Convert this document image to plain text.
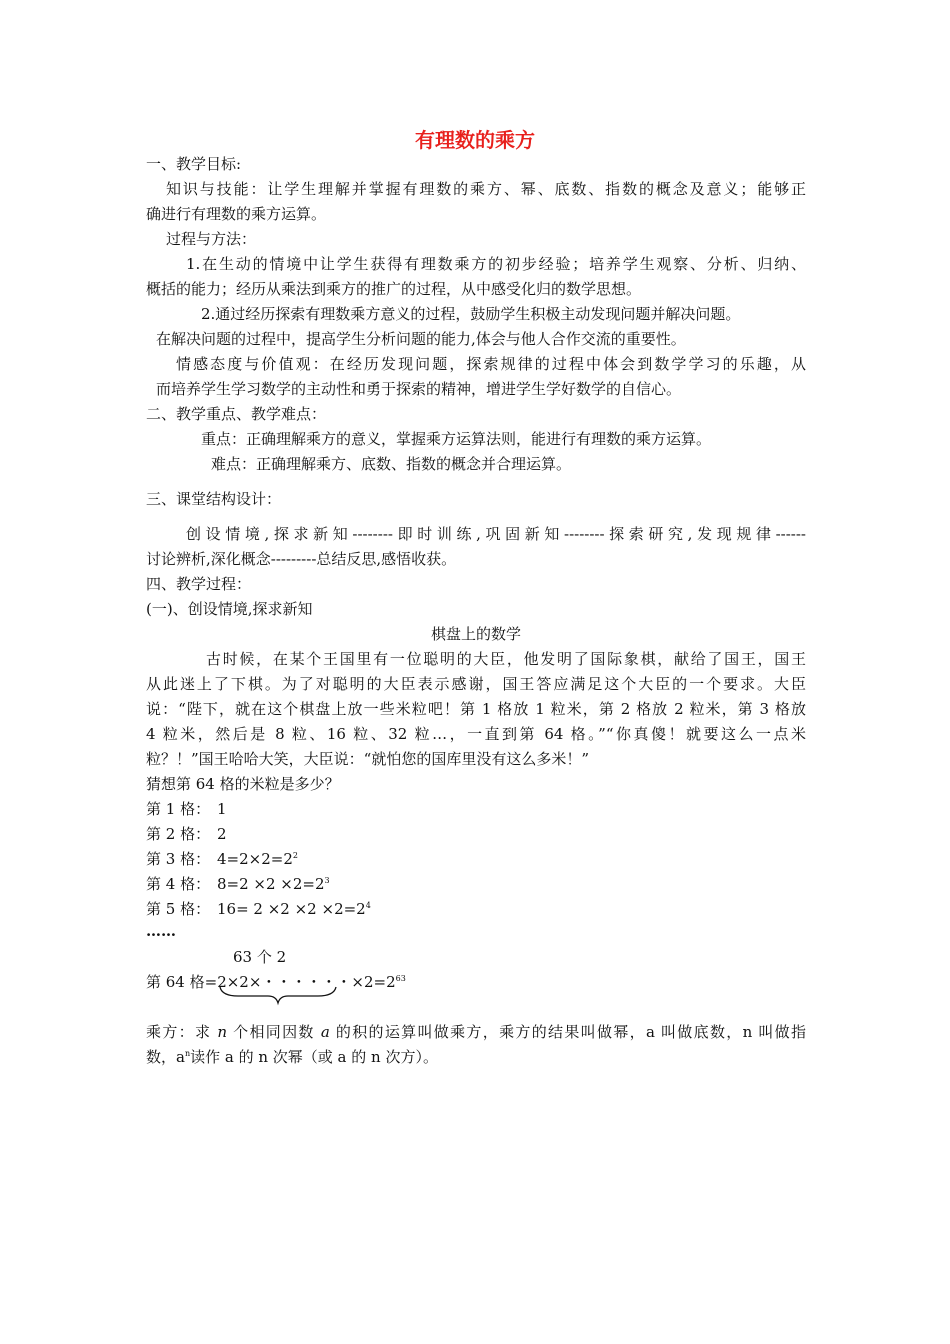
有理数的乘方
一、教学目标:
知识与技能：让学生理解并掌握有理数的乘方、幂、底数、指数的概念及意义；能够正
确进行有理数的乘方运算。
过程与方法：
1.在生动的情境中让学生获得有理数乘方的初步经验；培养学生观察、分析、归纳、
概括的能力；经历从乘法到乘方的推广的过程，从中感受化归的数学思想。
2.通过经历探索有理数乘方意义的过程，鼓励学生积极主动发现问题并解决问题。
在解决问题的过程中，提高学生分析问题的能力,体会与他人合作交流的重要性。
情感态度与价值观：在经历发现问题，探索规律的过程中体会到数学学习的乐趣，从
而培养学生学习数学的主动性和勇于探索的精神，增进学生学好数学的自信心。
二、教学重点、教学难点：
重点：正确理解乘方的意义，掌握乘方运算法则，能进行有理数的乘方运算。
难点：正确理解乘方、底数、指数的概念并合理运算。
三、课堂结构设计：
创设情境,探求新知--------即时训练,巩固新知--------探索研究,发现规律------
讨论辨析,深化概念---------总结反思,感悟收获。
四、教学过程：
(一)、创设情境,探求新知
棋盘上的数学
古时候，在某个王国里有一位聪明的大臣，他发明了国际象棋，献给了国王，国王
从此迷上了下棋。为了对聪明的大臣表示感谢，国王答应满足这个大臣的一个要求。大臣
说：“陛下，就在这个棋盘上放一些米粒吧！第 1 格放 1 粒米，第 2 格放 2 粒米，第 3 格放
4 粒米，然后是 8 粒、16 粒、32 粒…，一直到第 64 格。”“你真傻！就要这么一点米
粒？！”国王哈哈大笑，大臣说：“就怕您的国库里没有这么多米！”
猜想第 64 格的米粒是多少？
第 1 格： 1
第 2 格： 2
第 3 格： $4=2\times 2=2^2$
第 4 格： $8=2 \times 2 \times 2=2^3$
第 5 格： $16= 2 \times 2 \times 2 \times 2=2^4$
……
63 个 2
第 64 格=2×2×・・・・・・$\times 2=2^{63}$
乘方：求 n 个相同因数 a 的积的运算叫做乘方，乘方的结果叫做幂，a 叫做底数，n 叫做指
数，$a^n$读作 a 的 n 次幂（或 a 的 n 次方）。
